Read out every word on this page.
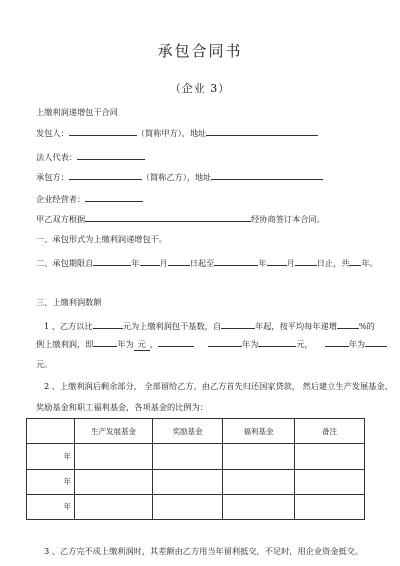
承包合同书
（企业 3）
上缴利润递增包干合同
发包人：	（简称甲方），地址
法人代表：
承包方：	（简称乙方），地址
企业经营者：
甲乙双方根据	经协商签订本合同。
一、承包形式为上缴利润递增包干。
二、承包期限自	年 月	日起至	年 月	日止，共 年。
三、上缴利润数额
1 、乙方以比	元为上缴利润包干基数，自	年起，按平均每年递增	%的
例上缴利润，即	年为 元 ，	年为	元，	年为
元。
2 、上缴利润后剩余部分， 全部留给乙方，由乙方首先归还国家贷款， 然后建立生产发展基金、
奖励基金和职工福利基金，各项基金的比例为：
	生产发展基金	奖励基金	福利基金	备注
年				
年				
年				
3 、乙方完不成上缴利润时，其差额由乙方用当年留利抵交，不足时，用企业资金抵交。
